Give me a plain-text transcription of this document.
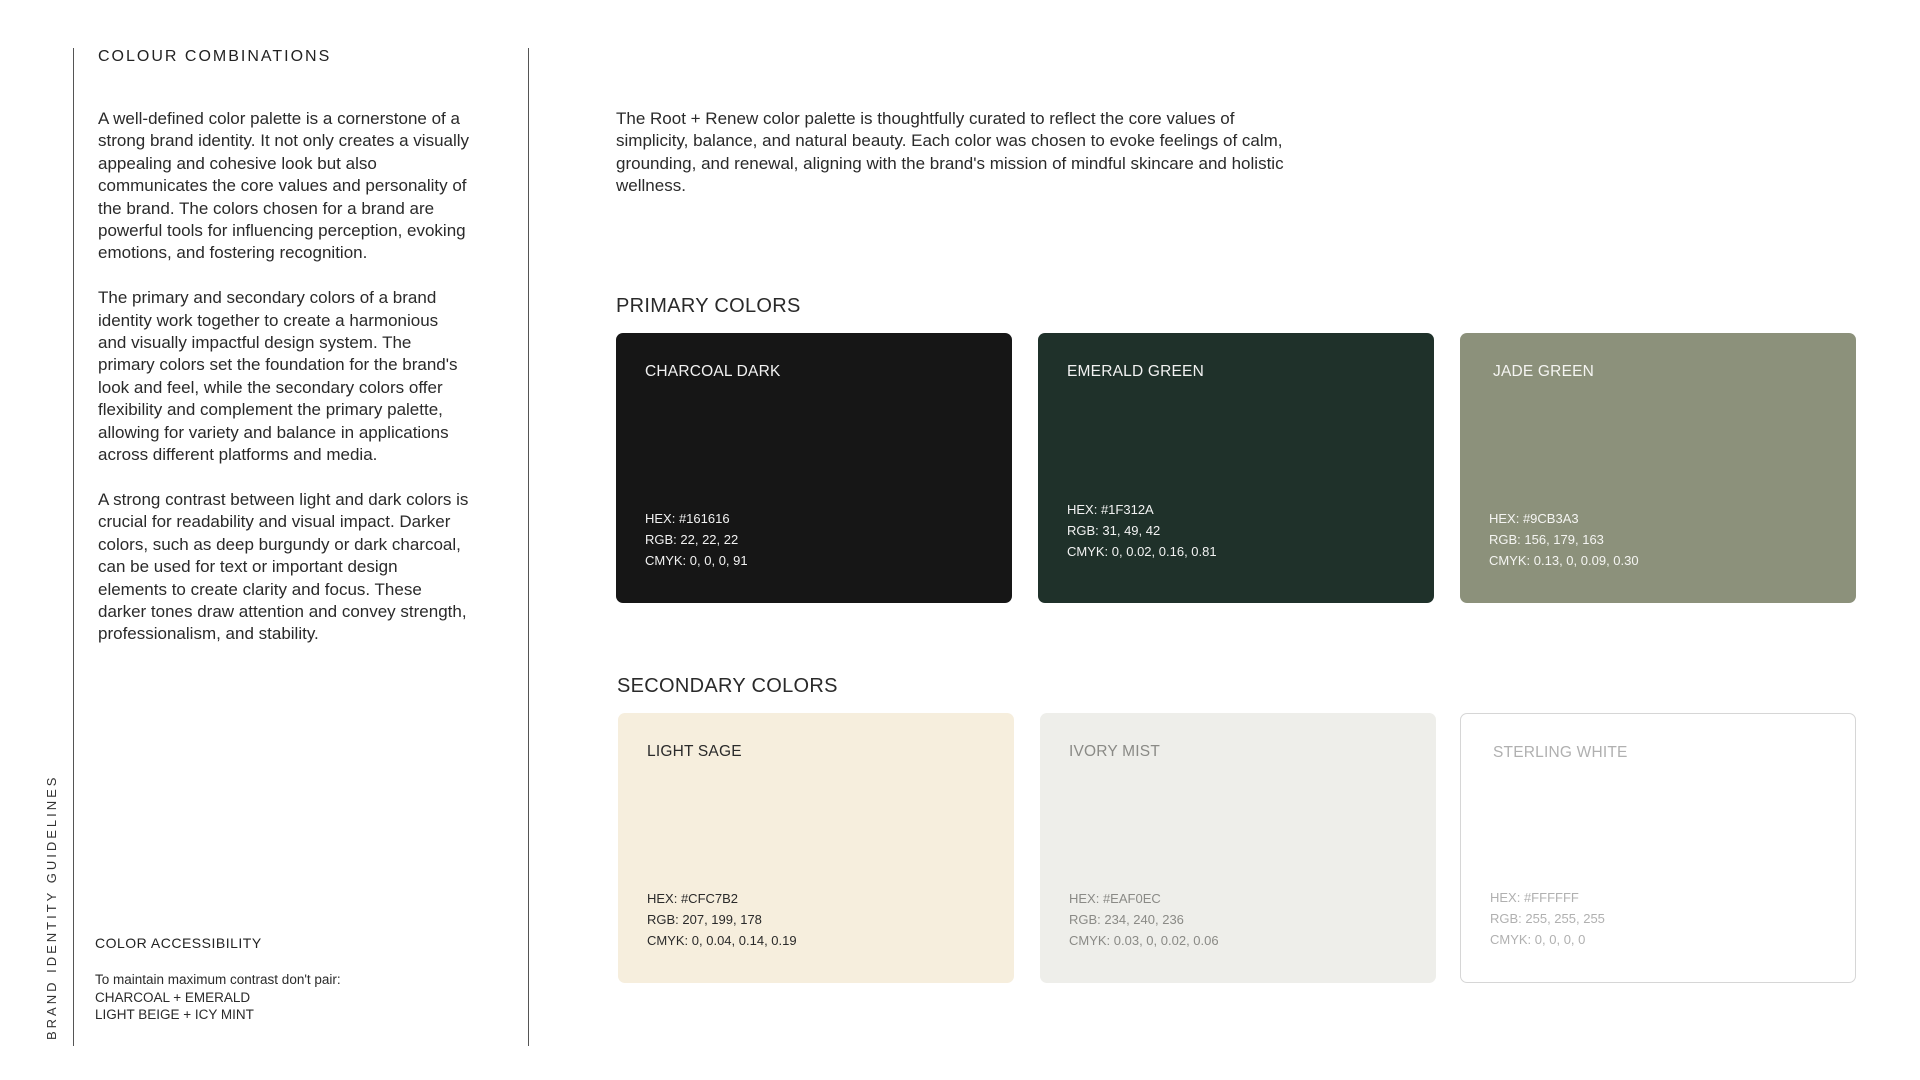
BRAND IDENTITY GUIDELINES
COLOUR COMBINATIONS

A well-defined color palette is a cornerstone of a strong brand identity. It not only creates a visually appealing and cohesive look but also communicates the core values and personality of the brand. The colors chosen for a brand are powerful tools for influencing perception, evoking emotions, and fostering recognition.

The primary and secondary colors of a brand identity work together to create a harmonious and visually impactful design system. The primary colors set the foundation for the brand's look and feel, while the secondary colors offer flexibility and complement the primary palette, allowing for variety and balance in applications across different platforms and media.

A strong contrast between light and dark colors is crucial for readability and visual impact. Darker colors, such as deep burgundy or dark charcoal, can be used for text or important design elements to create clarity and focus. These darker tones draw attention and convey strength, professionalism, and stability.

COLOR ACCESSIBILITY
To maintain maximum contrast don't pair:
CHARCOAL + EMERALD
LIGHT BEIGE + ICY MINT
The Root + Renew color palette is thoughtfully curated to reflect the core values of simplicity, balance, and natural beauty. Each color was chosen to evoke feelings of calm, grounding, and renewal, aligning with the brand's mission of mindful skincare and holistic wellness.
PRIMARY COLORS
CHARCOAL DARK
HEX: #161616
RGB: 22, 22, 22
CMYK: 0, 0, 0, 91
EMERALD GREEN
HEX: #1F312A
RGB: 31, 49, 42
CMYK: 0, 0.02, 0.16, 0.81
JADE GREEN
HEX: #9CB3A3
RGB: 156, 179, 163
CMYK: 0.13, 0, 0.09, 0.30
SECONDARY COLORS
LIGHT SAGE
HEX: #CFC7B2
RGB: 207, 199, 178
CMYK: 0, 0.04, 0.14, 0.19
IVORY MIST
HEX: #EAF0EC
RGB: 234, 240, 236
CMYK: 0.03, 0, 0.02, 0.06
STERLING WHITE
HEX: #FFFFFF
RGB: 255, 255, 255
CMYK: 0, 0, 0, 0
